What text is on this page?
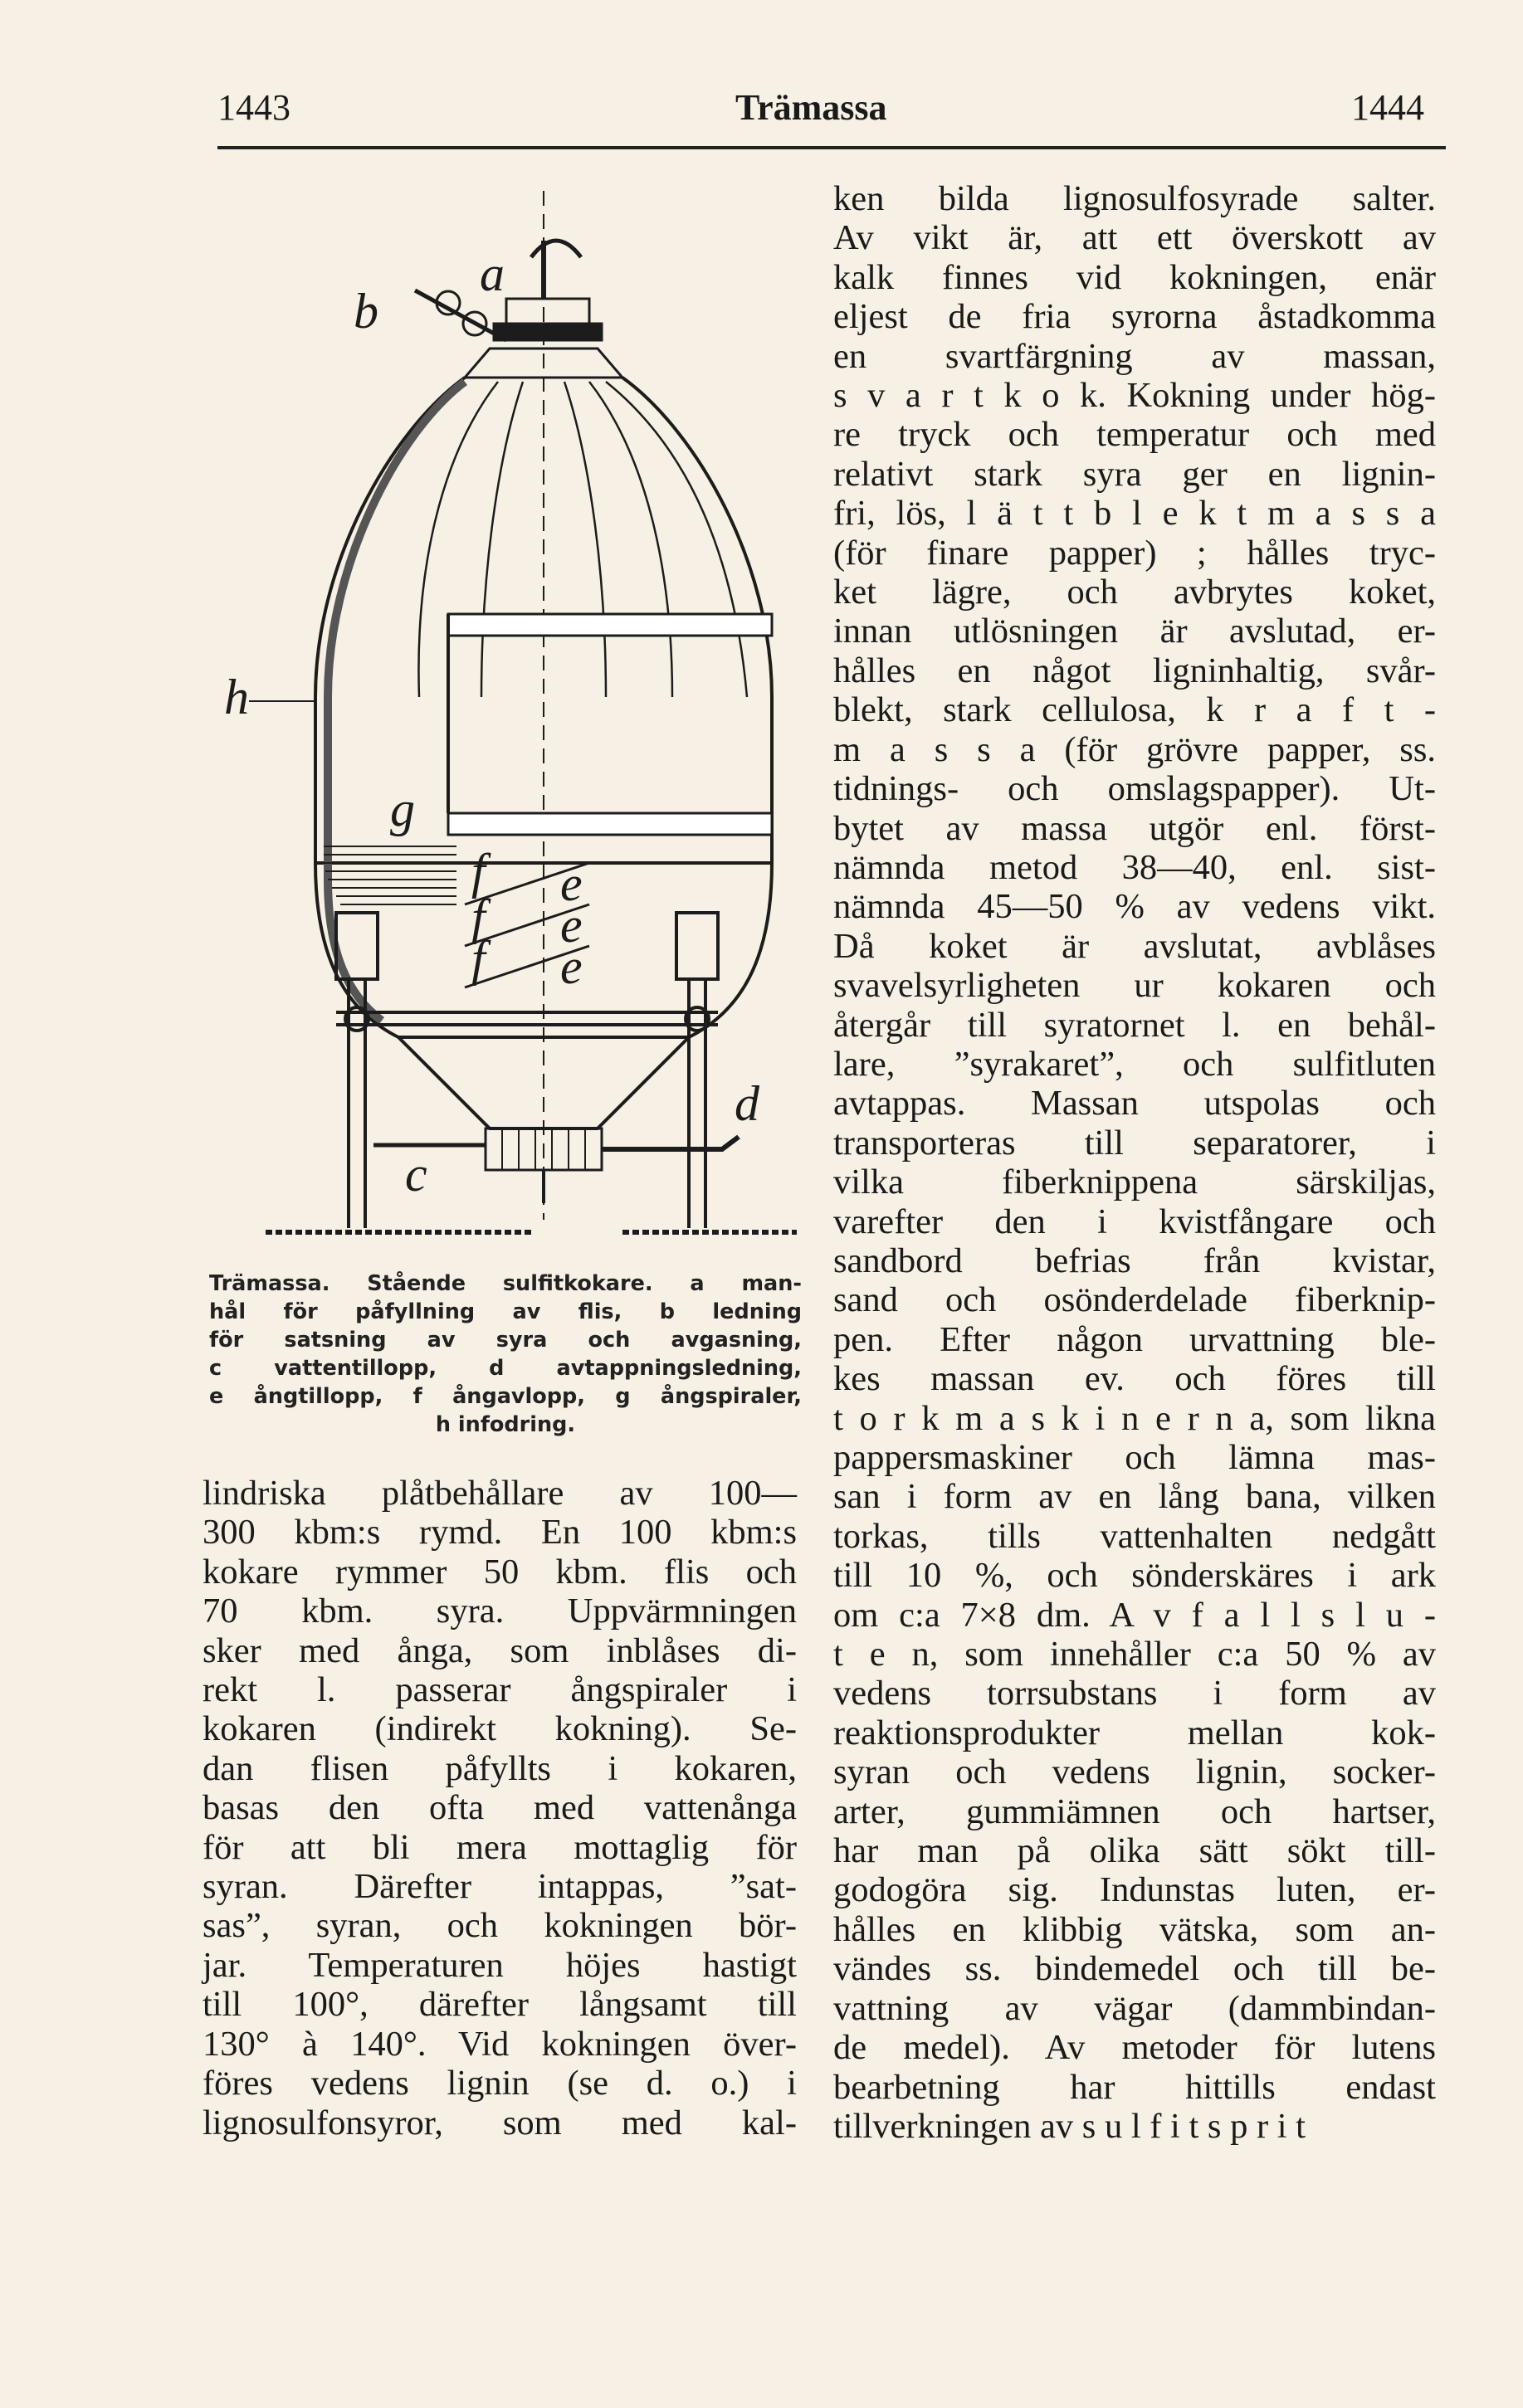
1443	Trämassa	1444
a
b
c
d
e
e
e
f
f
f
g
h
Trämassa. Stående sulfitkokare. a man-
hål för påfyllning av flis, b ledning
för satsning av syra och avgasning,
c vattentillopp, d avtappningsledning,
e ångtillopp, f ångavlopp, g ångspiraler,
h infodring.
lindriska plåtbehållare av 100—
300 kbm:s rymd. En 100 kbm:s
kokare rymmer 50 kbm. flis och
70 kbm. syra. Uppvärmningen
sker med ånga, som inblåses di-
rekt l. passerar ångspiraler i
kokaren (indirekt kokning). Se-
dan flisen påfyllts i kokaren,
basas den ofta med vattenånga
för att bli mera mottaglig för
syran. Därefter intappas, ”sat-
sas”, syran, och kokningen bör-
jar. Temperaturen höjes hastigt
till 100°, därefter långsamt till
130° à 140°. Vid kokningen över-
föres vedens lignin (se d. o.) i
lignosulfonsyror, som med kal-
ken bilda lignosulfosyrade salter.
Av vikt är, att ett överskott av
kalk finnes vid kokningen, enär
eljest de fria syrorna åstadkomma
en svartfärgning av massan,
s v a r t k o k. Kokning under hög-
re tryck och temperatur och med
relativt stark syra ger en lignin-
fri, lös, l ä t t b l e k t m a s s a
(för finare papper) ; hålles tryc-
ket lägre, och avbrytes koket,
innan utlösningen är avslutad, er-
hålles en något ligninhaltig, svår-
blekt, stark cellulosa, k r a f t -
m a s s a (för grövre papper, ss.
tidnings- och omslagspapper). Ut-
bytet av massa utgör enl. först-
nämnda metod 38—40, enl. sist-
nämnda 45—50 % av vedens vikt.
Då koket är avslutat, avblåses
svavelsyrligheten ur kokaren och
återgår till syratornet l. en behål-
lare, ”syrakaret”, och sulfitluten
avtappas. Massan utspolas och
transporteras till separatorer, i
vilka fiberknippena särskiljas,
varefter den i kvistfångare och
sandbord befrias från kvistar,
sand och osönderdelade fiberknip-
pen. Efter någon urvattning ble-
kes massan ev. och föres till
t o r k m a s k i n e r n a, som likna
pappersmaskiner och lämna mas-
san i form av en lång bana, vilken
torkas, tills vattenhalten nedgått
till 10 %, och sönderskäres i ark
om c:a 7×8 dm. A v f a l l s l u -
t e n, som innehåller c:a 50 % av
vedens torrsubstans i form av
reaktionsprodukter mellan kok-
syran och vedens lignin, socker-
arter, gummiämnen och hartser,
har man på olika sätt sökt till-
godogöra sig. Indunstas luten, er-
hålles en klibbig vätska, som an-
vändes ss. bindemedel och till be-
vattning av vägar (dammbindan-
de medel). Av metoder för lutens
bearbetning har hittills endast
tillverkningen av s u l f i t s p r i t
